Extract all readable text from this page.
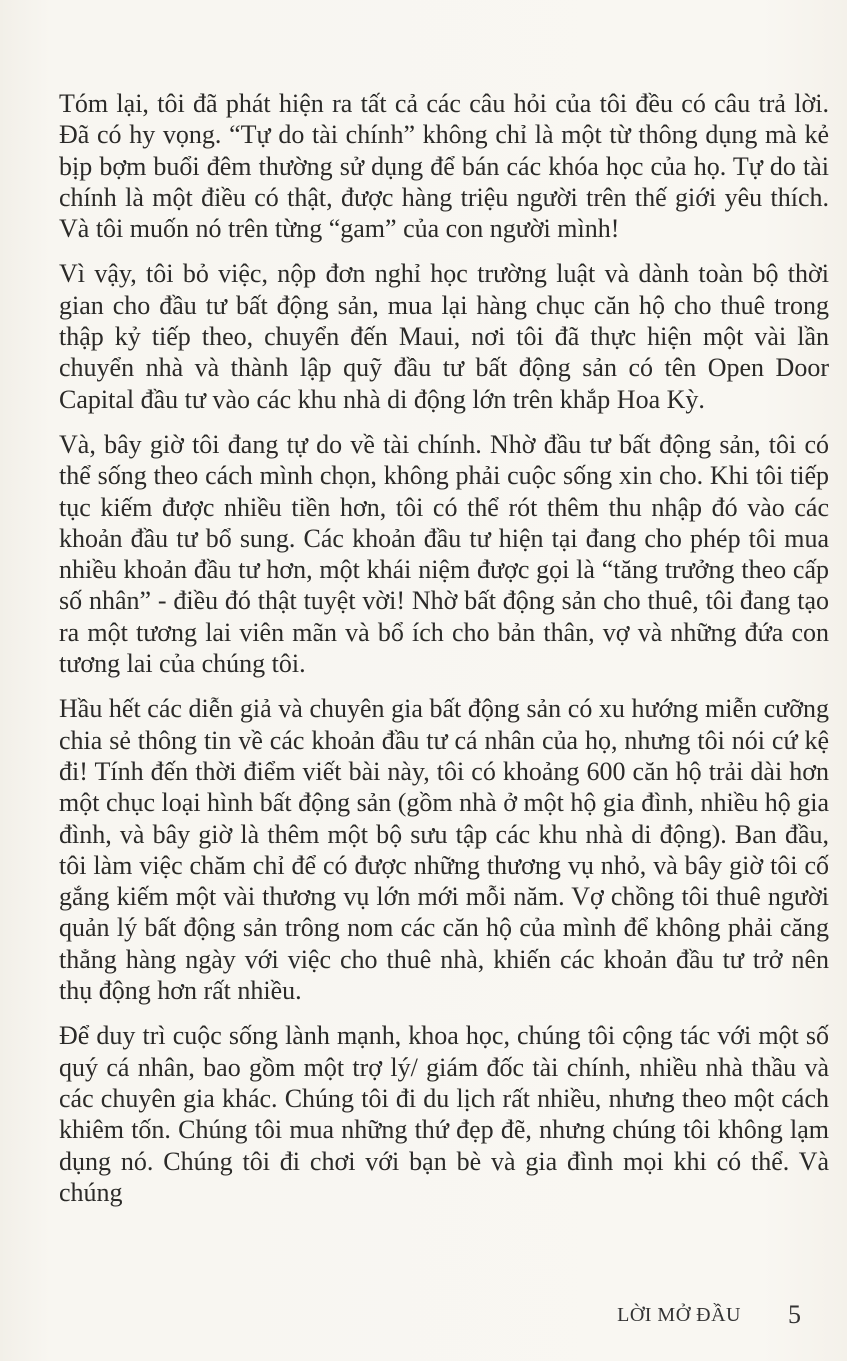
Tóm lại, tôi đã phát hiện ra tất cả các câu hỏi của tôi đều có câu trả lời. Đã có hy vọng. “Tự do tài chính” không chỉ là một từ thông dụng mà kẻ bịp bợm buổi đêm thường sử dụng để bán các khóa học của họ. Tự do tài chính là một điều có thật, được hàng triệu người trên thế giới yêu thích. Và tôi muốn nó trên từng “gam” của con người mình!

Vì vậy, tôi bỏ việc, nộp đơn nghỉ học trường luật và dành toàn bộ thời gian cho đầu tư bất động sản, mua lại hàng chục căn hộ cho thuê trong thập kỷ tiếp theo, chuyển đến Maui, nơi tôi đã thực hiện một vài lần chuyển nhà và thành lập quỹ đầu tư bất động sản có tên Open Door Capital đầu tư vào các khu nhà di động lớn trên khắp Hoa Kỳ.

Và, bây giờ tôi đang tự do về tài chính. Nhờ đầu tư bất động sản, tôi có thể sống theo cách mình chọn, không phải cuộc sống xin cho. Khi tôi tiếp tục kiếm được nhiều tiền hơn, tôi có thể rót thêm thu nhập đó vào các khoản đầu tư bổ sung. Các khoản đầu tư hiện tại đang cho phép tôi mua nhiều khoản đầu tư hơn, một khái niệm được gọi là “tăng trưởng theo cấp số nhân” - điều đó thật tuyệt vời! Nhờ bất động sản cho thuê, tôi đang tạo ra một tương lai viên mãn và bổ ích cho bản thân, vợ và những đứa con tương lai của chúng tôi.

Hầu hết các diễn giả và chuyên gia bất động sản có xu hướng miễn cưỡng chia sẻ thông tin về các khoản đầu tư cá nhân của họ, nhưng tôi nói cứ kệ đi! Tính đến thời điểm viết bài này, tôi có khoảng 600 căn hộ trải dài hơn một chục loại hình bất động sản (gồm nhà ở một hộ gia đình, nhiều hộ gia đình, và bây giờ là thêm một bộ sưu tập các khu nhà di động). Ban đầu, tôi làm việc chăm chỉ để có được những thương vụ nhỏ, và bây giờ tôi cố gắng kiếm một vài thương vụ lớn mới mỗi năm. Vợ chồng tôi thuê người quản lý bất động sản trông nom các căn hộ của mình để không phải căng thẳng hàng ngày với việc cho thuê nhà, khiến các khoản đầu tư trở nên thụ động hơn rất nhiều.

Để duy trì cuộc sống lành mạnh, khoa học, chúng tôi cộng tác với một số quý cá nhân, bao gồm một trợ lý/ giám đốc tài chính, nhiều nhà thầu và các chuyên gia khác. Chúng tôi đi du lịch rất nhiều, nhưng theo một cách khiêm tốn. Chúng tôi mua những thứ đẹp đẽ, nhưng chúng tôi không lạm dụng nó. Chúng tôi đi chơi với bạn bè và gia đình mọi khi có thể. Và chúng

LỜI MỞ ĐẦU 5
